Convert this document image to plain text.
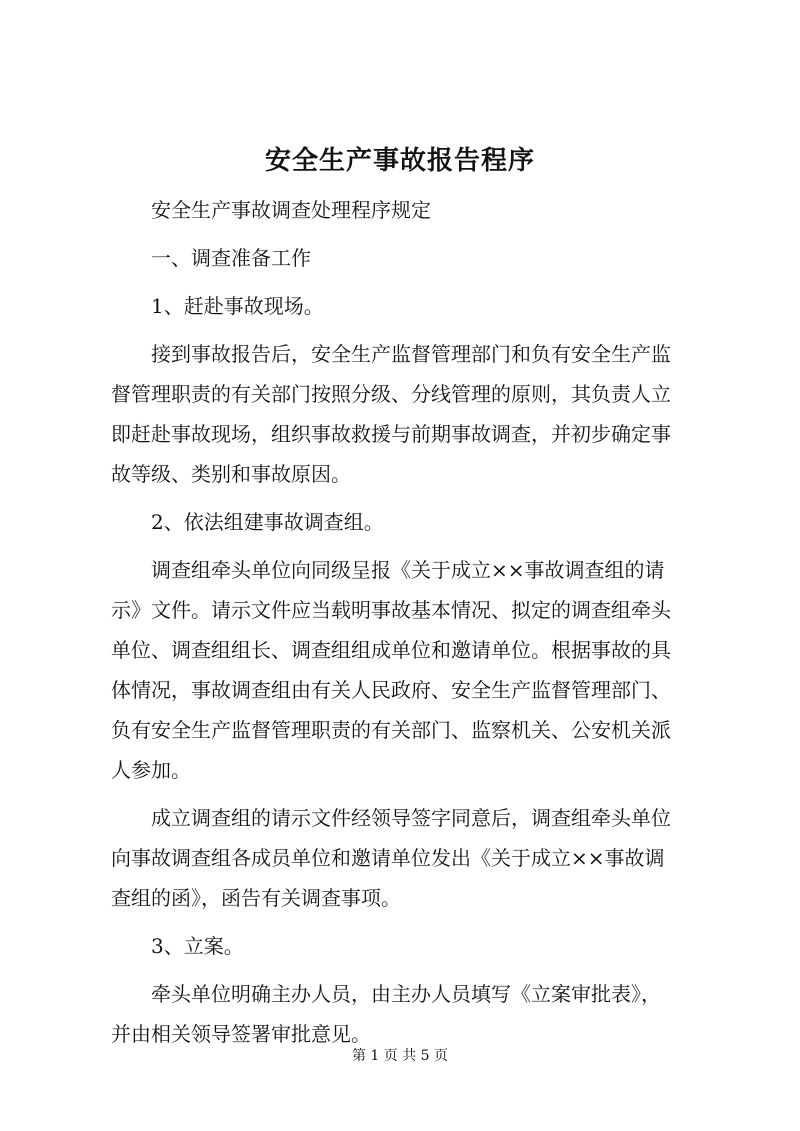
安全生产事故报告程序
安全生产事故调查处理程序规定
一、调查准备工作
1、赶赴事故现场。
接到事故报告后，安全生产监督管理部门和负有安全生产监
督管理职责的有关部门按照分级、分线管理的原则，其负责人立
即赶赴事故现场，组织事故救援与前期事故调查，并初步确定事
故等级、类别和事故原因。
2、依法组建事故调查组。
调查组牵头单位向同级呈报《关于成立××事故调查组的请
示》文件。请示文件应当载明事故基本情况、拟定的调查组牵头
单位、调查组组长、调查组组成单位和邀请单位。根据事故的具
体情况，事故调查组由有关人民政府、安全生产监督管理部门、
负有安全生产监督管理职责的有关部门、监察机关、公安机关派
人参加。
成立调查组的请示文件经领导签字同意后，调查组牵头单位
向事故调查组各成员单位和邀请单位发出《关于成立××事故调
查组的函》，函告有关调查事项。
3、立案。
牵头单位明确主办人员，由主办人员填写《立案审批表》，
并由相关领导签署审批意见。
第 1 页 共 5 页
